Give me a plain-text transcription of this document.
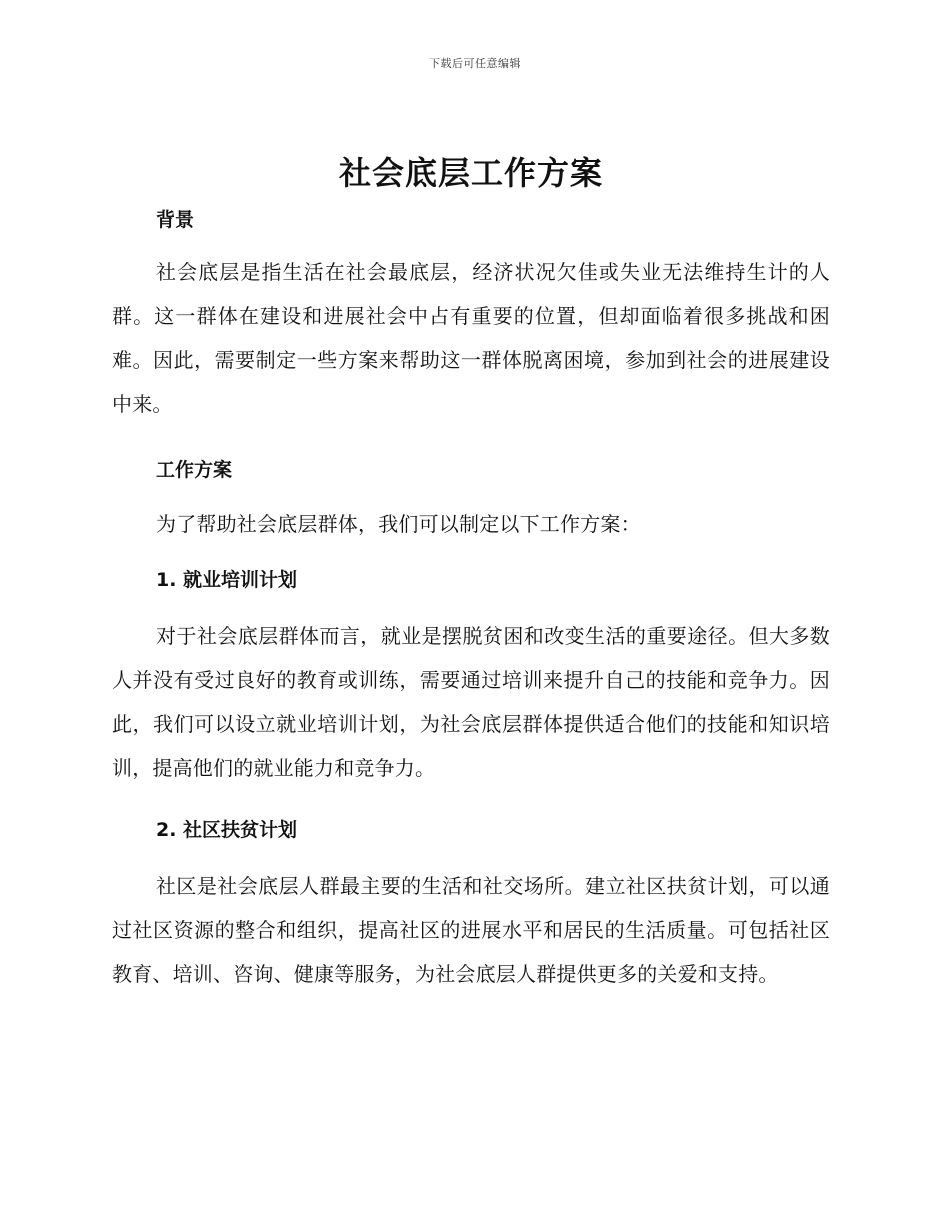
下载后可任意编辑
社会底层工作方案
背景

社会底层是指生活在社会最底层，经济状况欠佳或失业无法维持生计的人群。这一群体在建设和进展社会中占有重要的位置，但却面临着很多挑战和困难。因此，需要制定一些方案来帮助这一群体脱离困境，参加到社会的进展建设中来。

工作方案

为了帮助社会底层群体，我们可以制定以下工作方案：

1. 就业培训计划

对于社会底层群体而言，就业是摆脱贫困和改变生活的重要途径。但大多数人并没有受过良好的教育或训练，需要通过培训来提升自己的技能和竞争力。因此，我们可以设立就业培训计划，为社会底层群体提供适合他们的技能和知识培训，提高他们的就业能力和竞争力。

2. 社区扶贫计划

社区是社会底层人群最主要的生活和社交场所。建立社区扶贫计划，可以通过社区资源的整合和组织，提高社区的进展水平和居民的生活质量。可包括社区教育、培训、咨询、健康等服务，为社会底层人群提供更多的关爱和支持。
